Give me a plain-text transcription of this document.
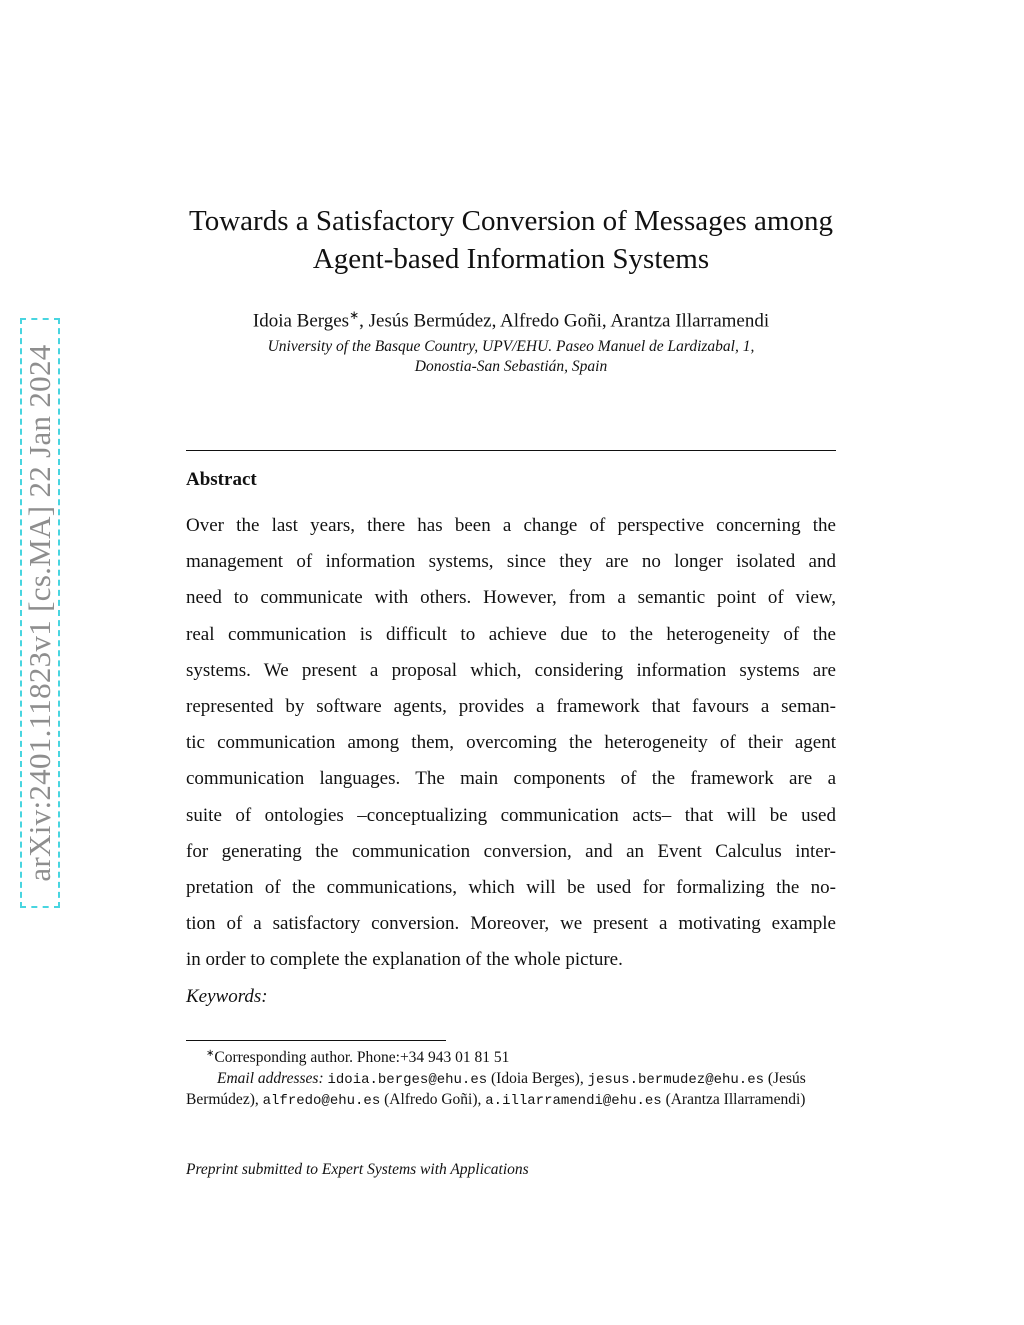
arXiv:2401.11823v1 [cs.MA] 22 Jan 2024
Towards a Satisfactory Conversion of Messages among
Agent-based Information Systems
Idoia Berges∗, Jesús Bermúdez, Alfredo Goñi, Arantza Illarramendi
University of the Basque Country, UPV/EHU. Paseo Manuel de Lardizabal, 1,
Donostia-San Sebastián, Spain
Abstract
Over the last years, there has been a change of perspective concerning the
management of information systems, since they are no longer isolated and
need to communicate with others. However, from a semantic point of view,
real communication is difficult to achieve due to the heterogeneity of the
systems. We present a proposal which, considering information systems are
represented by software agents, provides a framework that favours a seman-
tic communication among them, overcoming the heterogeneity of their agent
communication languages. The main components of the framework are a
suite of ontologies –conceptualizing communication acts– that will be used
for generating the communication conversion, and an Event Calculus inter-
pretation of the communications, which will be used for formalizing the no-
tion of a satisfactory conversion. Moreover, we present a motivating example
in order to complete the explanation of the whole picture.
Keywords:
∗Corresponding author. Phone:+34 943 01 81 51
Email addresses: idoia.berges@ehu.es (Idoia Berges), jesus.bermudez@ehu.es (Jesús Bermúdez), alfredo@ehu.es (Alfredo Goñi), a.illarramendi@ehu.es (Arantza Illarramendi)
Preprint submitted to Expert Systems with Applications
